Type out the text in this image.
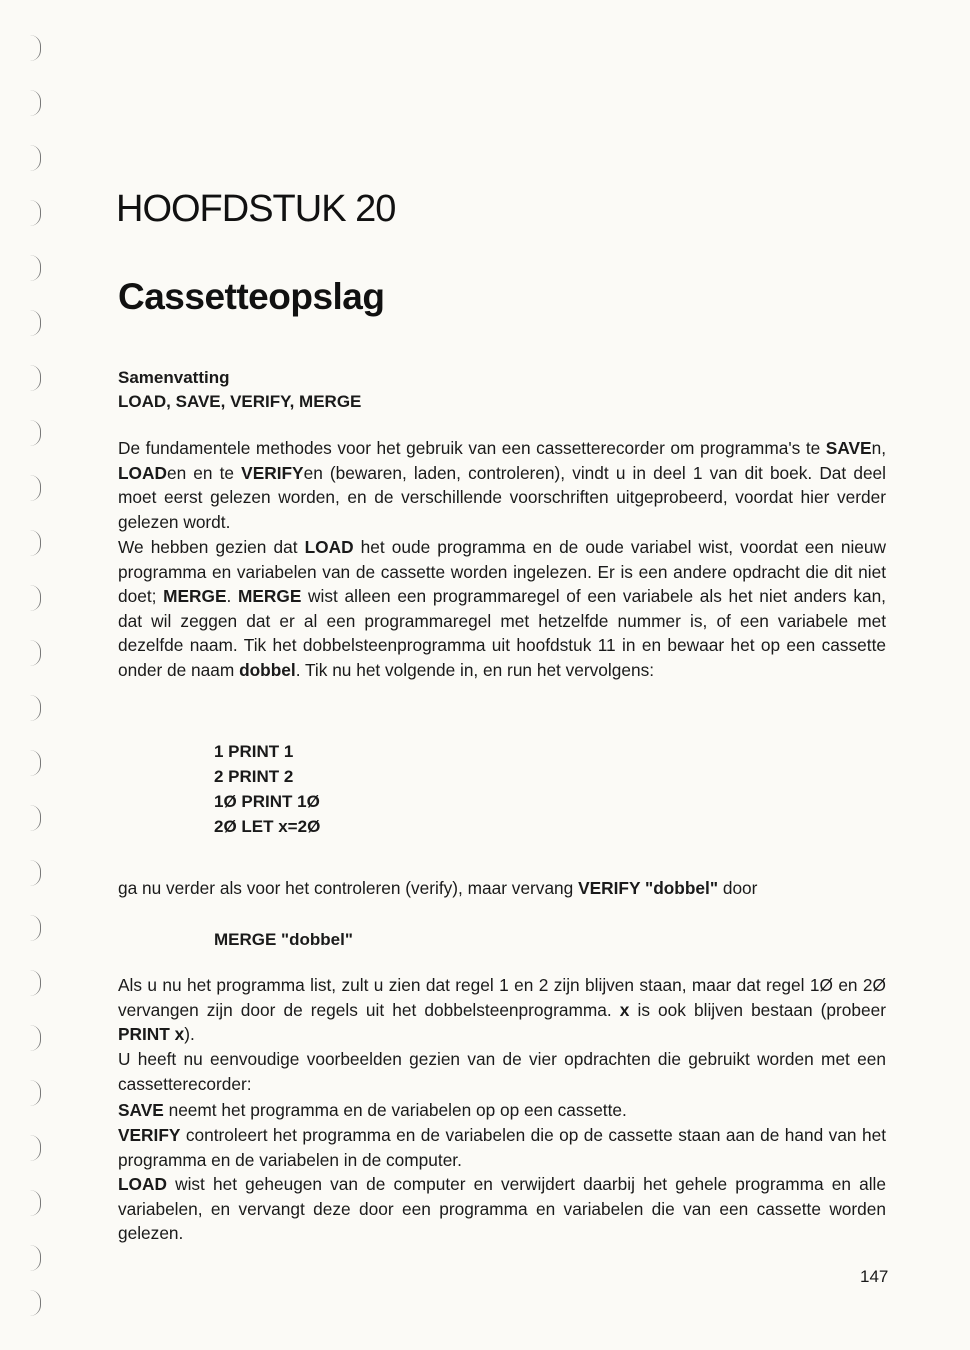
HOOFDSTUK 20
Cassetteopslag
Samenvatting
LOAD, SAVE, VERIFY, MERGE

De fundamentele methodes voor het gebruik van een cassetterecorder om programma's te SAVEn, LOADen en te VERIFYen (bewaren, laden, controleren), vindt u in deel 1 van dit boek. Dat deel moet eerst gelezen worden, en de verschillende voorschriften uitgeprobeerd, voordat hier verder gelezen wordt.

We hebben gezien dat LOAD het oude programma en de oude variabel wist, voordat een nieuw programma en variabelen van de cassette worden ingelezen. Er is een andere opdracht die dit niet doet; MERGE. MERGE wist alleen een programmaregel of een variabele als het niet anders kan, dat wil zeggen dat er al een programmaregel met hetzelfde nummer is, of een variabele met dezelfde naam. Tik het dobbelsteenprogramma uit hoofdstuk 11 in en bewaar het op een cassette onder de naam dobbel. Tik nu het volgende in, en run het vervolgens:

1 PRINT 1
2 PRINT 2
1Ø PRINT 1Ø
2Ø LET x=2Ø

ga nu verder als voor het controleren (verify), maar vervang VERIFY "dobbel" door

MERGE "dobbel"

Als u nu het programma list, zult u zien dat regel 1 en 2 zijn blijven staan, maar dat regel 1Ø en 2Ø vervangen zijn door de regels uit het dobbelsteenprogramma. x is ook blijven bestaan (probeer PRINT x).

U heeft nu eenvoudige voorbeelden gezien van de vier opdrachten die gebruikt worden met een cassetterecorder:

SAVE neemt het programma en de variabelen op op een cassette.

VERIFY controleert het programma en de variabelen die op de cassette staan aan de hand van het programma en de variabelen in de computer.

LOAD wist het geheugen van de computer en verwijdert daarbij het gehele programma en alle variabelen, en vervangt deze door een programma en variabelen die van een cassette worden gelezen.

147
